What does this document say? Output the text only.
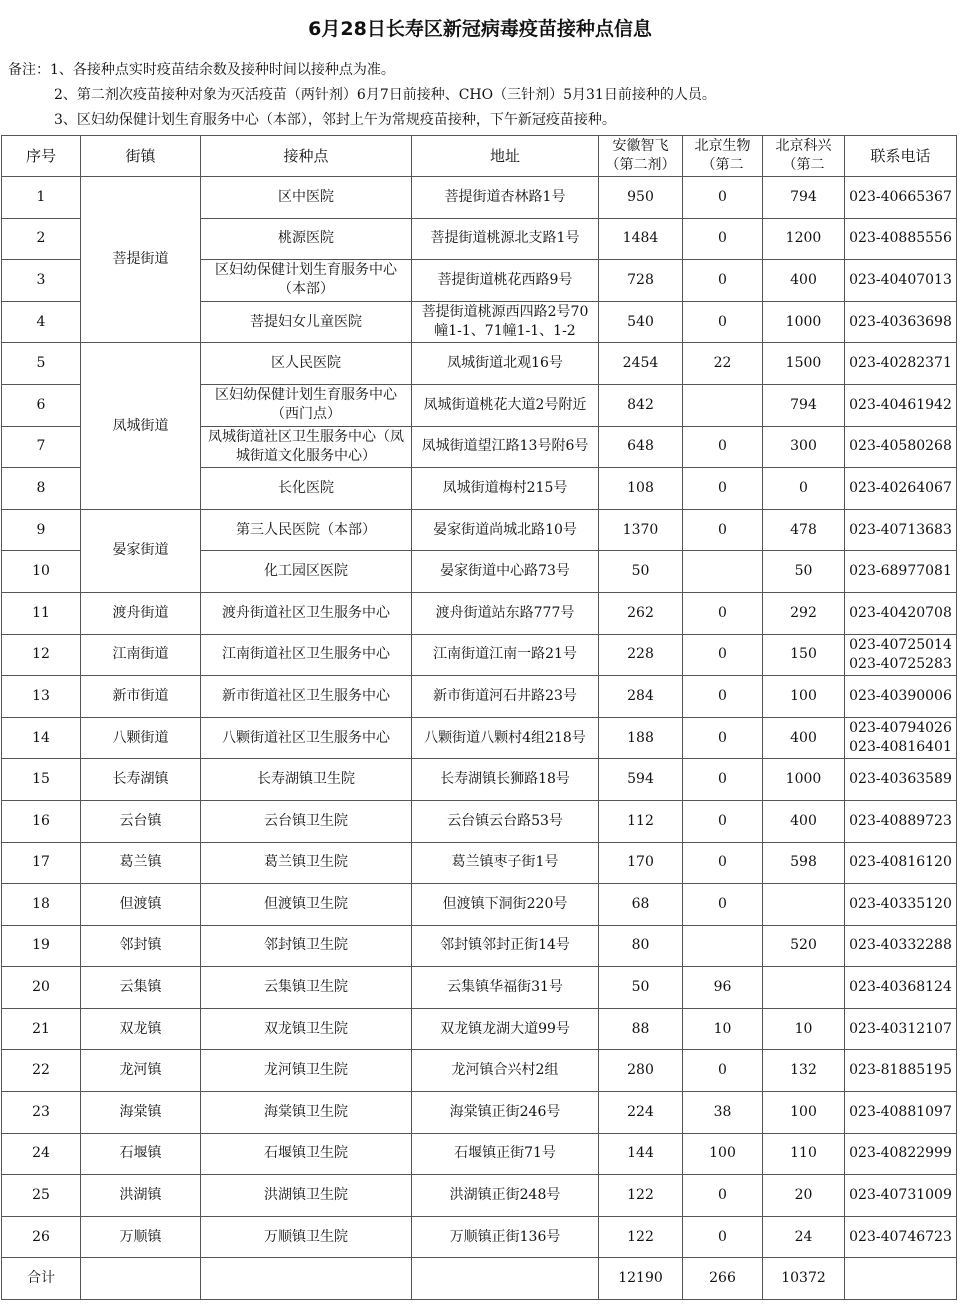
6月28日长寿区新冠病毒疫苗接种点信息
备注：1、各接种点实时疫苗结余数及接种时间以接种点为准。
2、第二剂次疫苗接种对象为灭活疫苗（两针剂）6月7日前接种、CHO（三针剂）5月31日前接种的人员。
3、区妇幼保健计划生育服务中心（本部），邻封上午为常规疫苗接种，下午新冠疫苗接种。
序号	街镇	接种点	地址	安徽智飞（第二剂）	北京生物（第二	北京科兴（第二	联系电话
1	菩提街道	区中医院	菩提街道杏林路1号	950	0	794	023-40665367
2		桃源医院	菩提街道桃源北支路1号	1484	0	1200	023-40885556
3		区妇幼保健计划生育服务中心（本部）	菩提街道桃花西路9号	728	0	400	023-40407013
4		菩提妇女儿童医院	菩提街道桃源西四路2号70幢1-1、71幢1-1、1-2	540	0	1000	023-40363698
5	凤城街道	区人民医院	凤城街道北观16号	2454	22	1500	023-40282371
6		区妇幼保健计划生育服务中心（西门点）	凤城街道桃花大道2号附近	842		794	023-40461942
7		凤城街道社区卫生服务中心（凤城街道文化服务中心）	凤城街道望江路13号附6号	648	0	300	023-40580268
8		长化医院	凤城街道梅村215号	108	0	0	023-40264067
9	晏家街道	第三人民医院（本部）	晏家街道尚城北路10号	1370	0	478	023-40713683
10		化工园区医院	晏家街道中心路73号	50		50	023-68977081
11	渡舟街道	渡舟街道社区卫生服务中心	渡舟街道站东路777号	262	0	292	023-40420708
12	江南街道	江南街道社区卫生服务中心	江南街道江南一路21号	228	0	150	023-40725014 023-40725283
13	新市街道	新市街道社区卫生服务中心	新市街道河石井路23号	284	0	100	023-40390006
14	八颗街道	八颗街道社区卫生服务中心	八颗街道八颗村4组218号	188	0	400	023-40794026 023-40816401
15	长寿湖镇	长寿湖镇卫生院	长寿湖镇长狮路18号	594	0	1000	023-40363589
16	云台镇	云台镇卫生院	云台镇云台路53号	112	0	400	023-40889723
17	葛兰镇	葛兰镇卫生院	葛兰镇枣子街1号	170	0	598	023-40816120
18	但渡镇	但渡镇卫生院	但渡镇下洞街220号	68	0		023-40335120
19	邻封镇	邻封镇卫生院	邻封镇邻封正街14号	80		520	023-40332288
20	云集镇	云集镇卫生院	云集镇华福街31号	50	96		023-40368124
21	双龙镇	双龙镇卫生院	双龙镇龙湖大道99号	88	10	10	023-40312107
22	龙河镇	龙河镇卫生院	龙河镇合兴村2组	280	0	132	023-81885195
23	海棠镇	海棠镇卫生院	海棠镇正街246号	224	38	100	023-40881097
24	石堰镇	石堰镇卫生院	石堰镇正街71号	144	100	110	023-40822999
25	洪湖镇	洪湖镇卫生院	洪湖镇正街248号	122	0	20	023-40731009
26	万顺镇	万顺镇卫生院	万顺镇正街136号	122	0	24	023-40746723
合计				12190	266	10372	
